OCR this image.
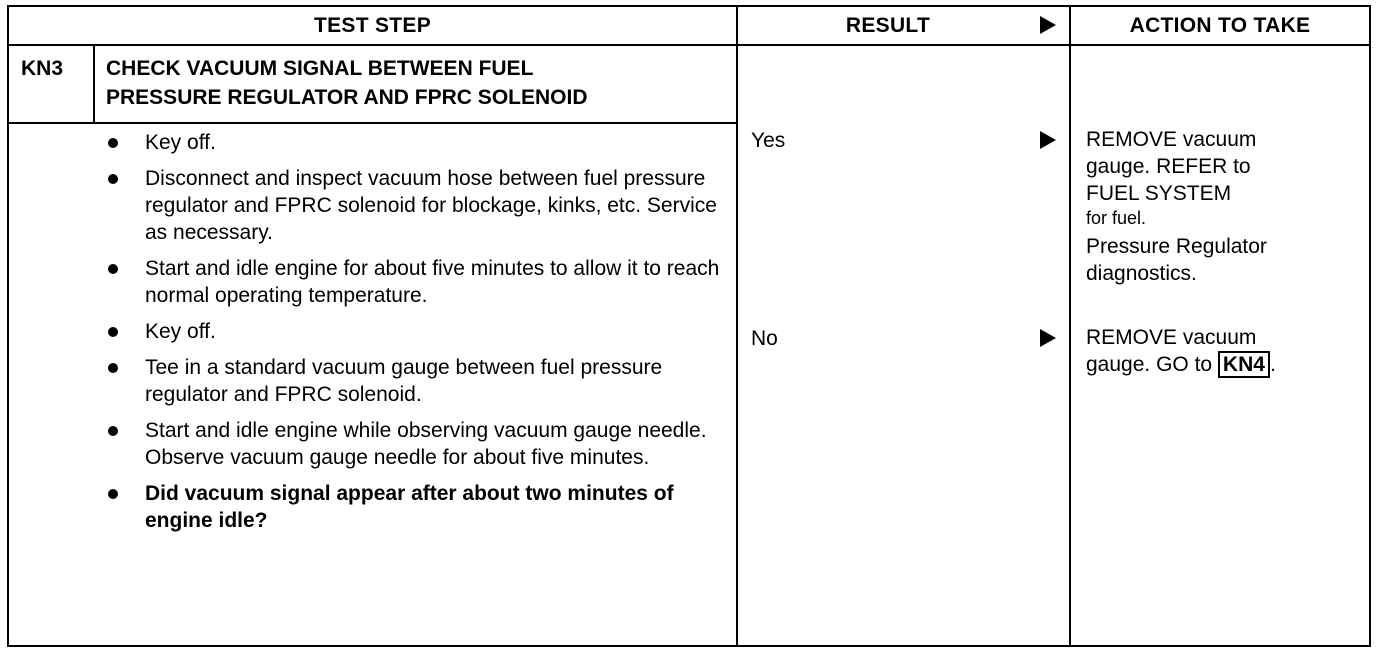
TEST STEP	RESULT	ACTION TO TAKE
KN3 CHECK VACUUM SIGNAL BETWEEN FUEL
PRESSURE REGULATOR AND FPRC SOLENOID
Key off.
Disconnect and inspect vacuum hose between fuel pressure regulator and FPRC solenoid for blockage, kinks, etc. Service as necessary.
Start and idle engine for about five minutes to allow it to reach normal operating temperature.
Key off.
Tee in a standard vacuum gauge between fuel pressure regulator and FPRC solenoid.
Start and idle engine while observing vacuum gauge needle. Observe vacuum gauge needle for about five minutes.
Did vacuum signal appear after about two minutes of engine idle?
Yes
No
REMOVE vacuum
gauge. REFER to
FUEL SYSTEM
for fuel.
Pressure Regulator
diagnostics.
REMOVE vacuum
gauge. GO to KN4 .
